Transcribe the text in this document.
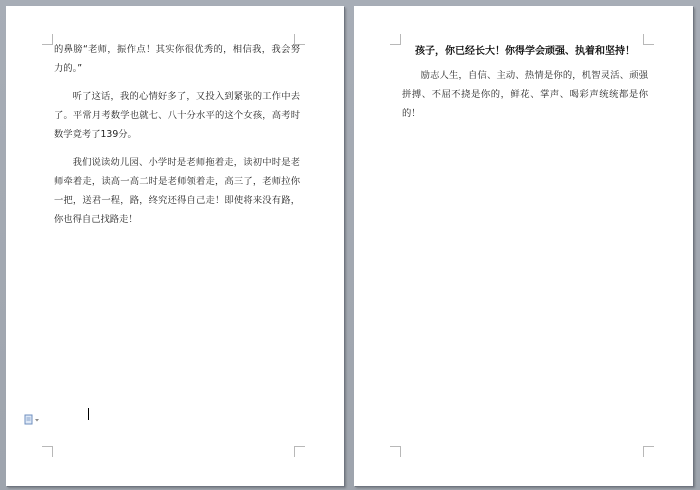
的鼻膀“老师，振作点！其实你很优秀的，相信我，我会努力的。”

听了这话，我的心情好多了，又投入到紧张的工作中去了。平常月考数学也就七、八十分水平的这个女孩，高考时数学竟考了139分。

我们说读幼儿园、小学时是老师拖着走，读初中时是老师牵着走，读高一高二时是老师领着走，高三了，老师拉你一把，送君一程，路，终究还得自己走！即使将来没有路，你也得自己找路走！

孩子，你已经长大！你得学会顽强、执着和坚持！

励志人生，自信、主动、热情是你的，机智灵活、顽强拼搏、不屈不挠是你的，鲜花、掌声、喝彩声统统都是你的！
